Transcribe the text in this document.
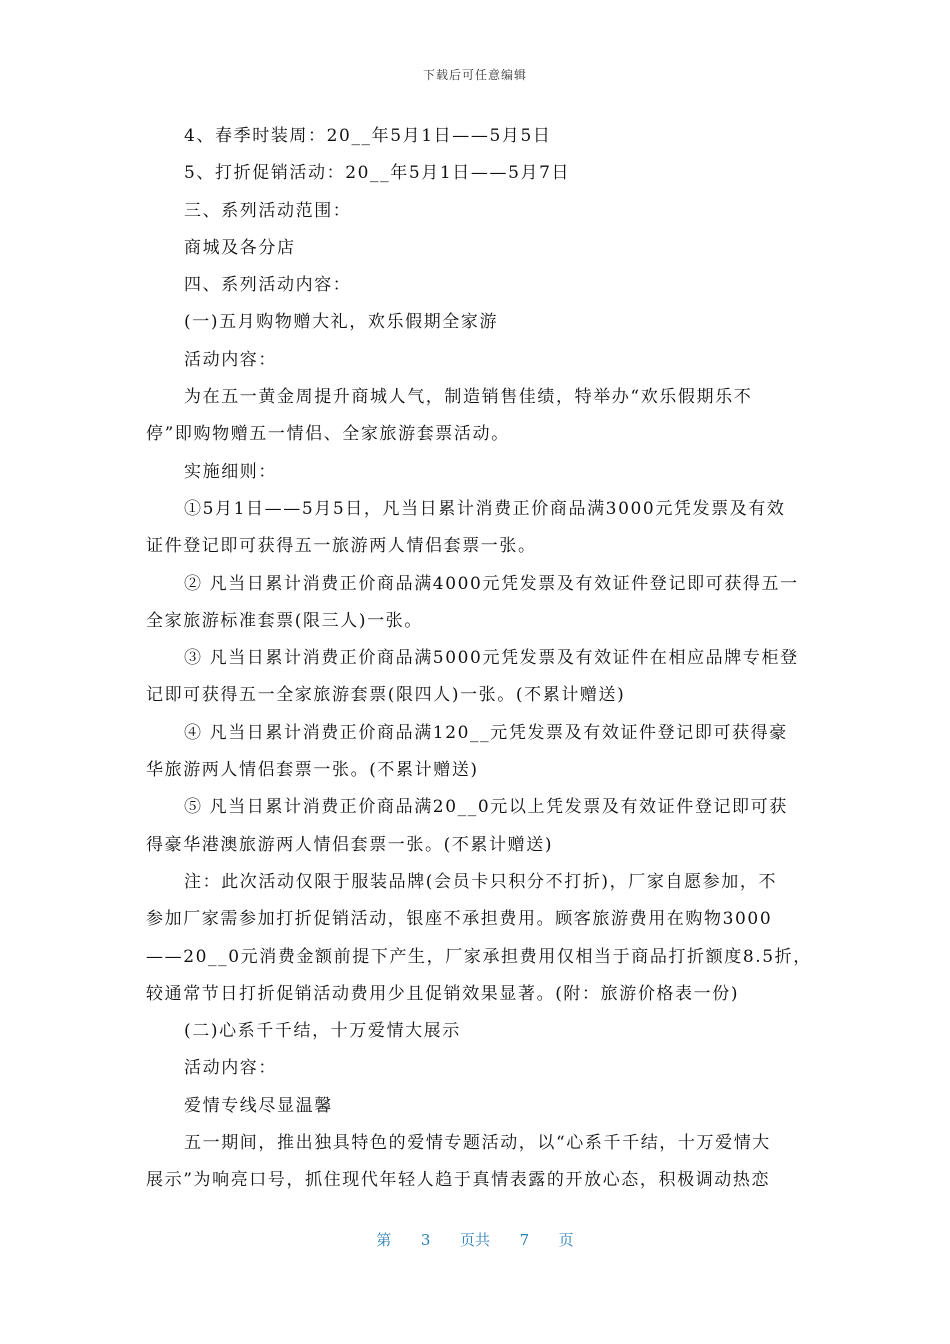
下载后可任意编辑
4、春季时装周：20__年5月1日——5月5日
5、打折促销活动：20__年5月1日——5月7日
三、系列活动范围：
商城及各分店
四、系列活动内容：
(一)五月购物赠大礼，欢乐假期全家游
活动内容：
为在五一黄金周提升商城人气，制造销售佳绩，特举办“欢乐假期乐不
停”即购物赠五一情侣、全家旅游套票活动。
实施细则：
①5月1日——5月5日，凡当日累计消费正价商品满3000元凭发票及有效
证件登记即可获得五一旅游两人情侣套票一张。
② 凡当日累计消费正价商品满4000元凭发票及有效证件登记即可获得五一
全家旅游标准套票(限三人)一张。
③ 凡当日累计消费正价商品满5000元凭发票及有效证件在相应品牌专柜登
记即可获得五一全家旅游套票(限四人)一张。(不累计赠送)
④ 凡当日累计消费正价商品满120__元凭发票及有效证件登记即可获得豪
华旅游两人情侣套票一张。(不累计赠送)
⑤ 凡当日累计消费正价商品满20__0元以上凭发票及有效证件登记即可获
得豪华港澳旅游两人情侣套票一张。(不累计赠送)
注：此次活动仅限于服装品牌(会员卡只积分不打折)，厂家自愿参加，不
参加厂家需参加打折促销活动，银座不承担费用。顾客旅游费用在购物3000
——20__0元消费金额前提下产生，厂家承担费用仅相当于商品打折额度8.5折，
较通常节日打折促销活动费用少且促销效果显著。(附：旅游价格表一份)
(二)心系千千结，十万爱情大展示
活动内容：
爱情专线尽显温馨
五一期间，推出独具特色的爱情专题活动，以“心系千千结，十万爱情大
展示”为响亮口号，抓住现代年轻人趋于真情表露的开放心态，积极调动热恋
第 3 页共 7 页
